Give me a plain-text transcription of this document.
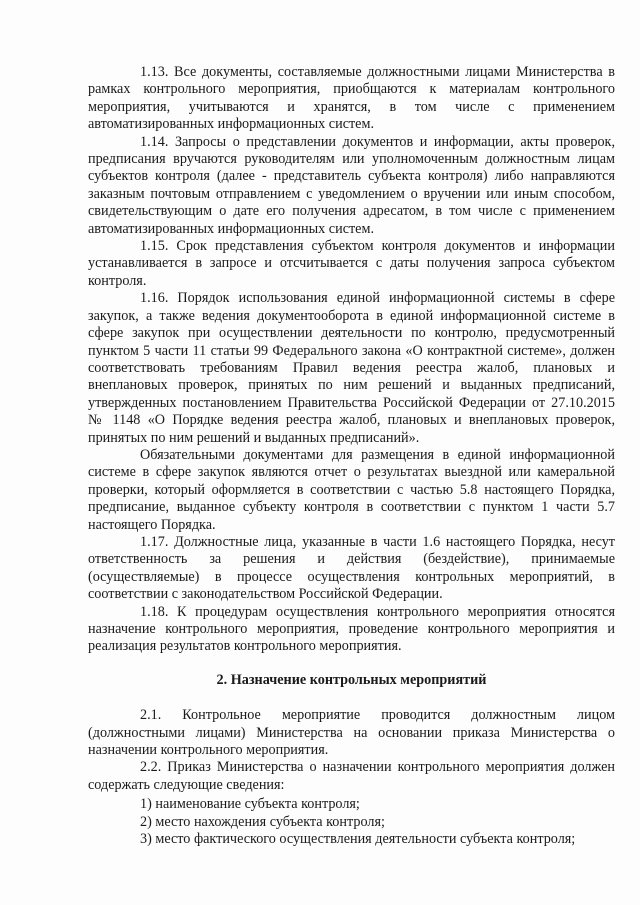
1.13. Все документы, составляемые должностными лицами Министерства в рамках контрольного мероприятия, приобщаются к материалам контрольного мероприятия, учитываются и хранятся, в том числе с применением автоматизированных информационных систем.

1.14. Запросы о представлении документов и информации, акты проверок, предписания вручаются руководителям или уполномоченным должностным лицам субъектов контроля (далее - представитель субъекта контроля) либо направляются заказным почтовым отправлением с уведомлением о вручении или иным способом, свидетельствующим о дате его получения адресатом, в том числе с применением автоматизированных информационных систем.

1.15. Срок представления субъектом контроля документов и информации устанавливается в запросе и отсчитывается с даты получения запроса субъектом контроля.

1.16. Порядок использования единой информационной системы в сфере закупок, а также ведения документооборота в единой информационной системе в сфере закупок при осуществлении деятельности по контролю, предусмотренный пунктом 5 части 11 статьи 99 Федерального закона «О контрактной системе», должен соответствовать требованиям Правил ведения реестра жалоб, плановых и внеплановых проверок, принятых по ним решений и выданных предписаний, утвержденных постановлением Правительства Российской Федерации от 27.10.2015 № 1148 «О Порядке ведения реестра жалоб, плановых и внеплановых проверок, принятых по ним решений и выданных предписаний».

Обязательными документами для размещения в единой информационной системе в сфере закупок являются отчет о результатах выездной или камеральной проверки, который оформляется в соответствии с частью 5.8 настоящего Порядка, предписание, выданное субъекту контроля в соответствии с пунктом 1 части 5.7 настоящего Порядка.

1.17. Должностные лица, указанные в части 1.6 настоящего Порядка, несут ответственность за решения и действия (бездействие), принимаемые (осуществляемые) в процессе осуществления контрольных мероприятий, в соответствии с законодательством Российской Федерации.

1.18. К процедурам осуществления контрольного мероприятия относятся назначение контрольного мероприятия, проведение контрольного мероприятия и реализация результатов контрольного мероприятия.

2. Назначение контрольных мероприятий

2.1. Контрольное мероприятие проводится должностным лицом (должностными лицами) Министерства на основании приказа Министерства о назначении контрольного мероприятия.

2.2. Приказ Министерства о назначении контрольного мероприятия должен содержать следующие сведения:

1) наименование субъекта контроля;

2) место нахождения субъекта контроля;

3) место фактического осуществления деятельности субъекта контроля;
